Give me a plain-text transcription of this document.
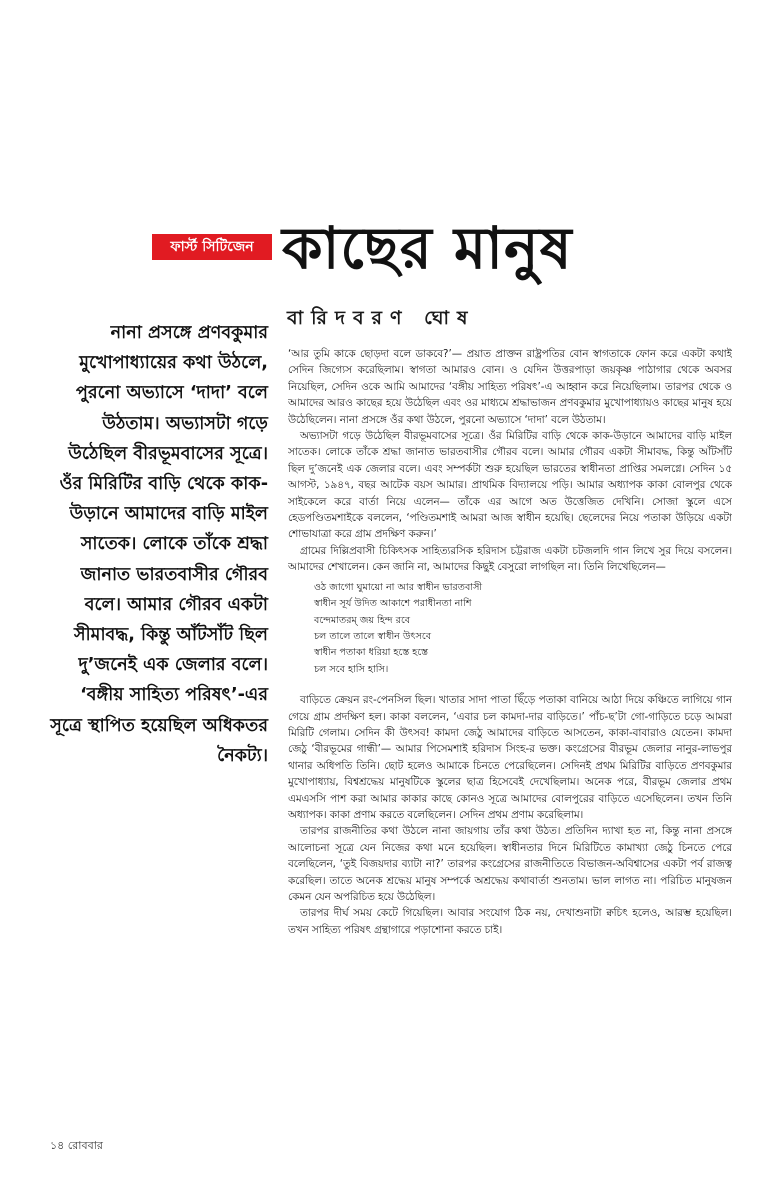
ফার্স্ট সিটিজেন কাছের মানুষ
বারিদবরণ ঘোষ

নানা প্রসঙ্গে প্রণবকুমার মুখোপাধ্যায়ের কথা উঠলে, পুরনো অভ্যাসে ‘দাদা’ বলে উঠতাম। অভ্যাসটা গড়ে উঠেছিল বীরভূমবাসের সূত্রে। ওঁর মিরিটির বাড়ি থেকে কাক-উড়ানে আমাদের বাড়ি মাইল সাতেক। লোকে তাঁকে শ্রদ্ধা জানাত ভারতবাসীর গৌরব বলে। আমার গৌরব একটা সীমাবদ্ধ, কিন্তু আঁটসাঁট ছিল দু’জনেই এক জেলার বলে। ‘বঙ্গীয় সাহিত্য পরিষৎ’-এর সূত্রে স্থাপিত হয়েছিল অধিকতর নৈকট্য।

‘আর তুমি কাকে ছোড়দা বলে ডাকবে?’— প্রয়াত প্রাক্তন রাষ্ট্রপতির বোন স্বাগতাকে ফোন করে একটা কথাই সেদিন জিগ্যেস করেছিলাম। স্বাগতা আমারও বোন। ও যেদিন উত্তরপাড়া জয়কৃষ্ণ পাঠাগার থেকে অবসর নিয়েছিল, সেদিন ওকে আমি আমাদের ‘বঙ্গীয় সাহিত্য পরিষৎ’-এ আহ্বান করে নিয়েছিলাম। তারপর থেকে ও আমাদের আরও কাছের হয়ে উঠেছিল এবং ওর মাধ্যমে শ্রদ্ধাভাজন প্রণবকুমার মুখোপাধ্যায়ও কাছের মানুষ হয়ে উঠেছিলেন। নানা প্রসঙ্গে ওঁর কথা উঠলে, পুরনো অভ্যাসে ‘দাদা’ বলে উঠতাম।

অভ্যাসটা গড়ে উঠেছিল বীরভূমবাসের সূত্রে। ওঁর মিরিটির বাড়ি থেকে কাক-উড়ানে আমাদের বাড়ি মাইল সাতেক। লোকে তাঁকে শ্রদ্ধা জানাত ভারতবাসীর গৌরব বলে। আমার গৌরব একটা সীমাবদ্ধ, কিন্তু আঁটসাঁট ছিল দু’জনেই এক জেলার বলে। এবং সম্পর্কটা শুরু হয়েছিল ভারতের স্বাধীনতা প্রাপ্তির সমলগ্নে। সেদিন ১৫ আগস্ট, ১৯৪৭, বছর আটেক বয়স আমার। প্রাথমিক বিদ্যালয়ে পড়ি। আমার অধ্যাপক কাকা বোলপুর থেকে সাইকেলে করে বার্তা নিয়ে এলেন— তাঁকে এর আগে অত উত্তেজিত দেখিনি। সোজা স্কুলে এসে হেডপণ্ডিতমশাইকে বললেন, ‘পণ্ডিতমশাই আমরা আজ স্বাধীন হয়েছি। ছেলেদের নিয়ে পতাকা উড়িয়ে একটা শোভাযাত্রা করে গ্রাম প্রদক্ষিণ করুন।’

গ্রামের দিল্লিপ্রবাসী চিকিৎসক সাহিত্যরসিক হরিদাস চট্টরাজ একটা চটজলদি গান লিখে সুর দিয়ে বসলেন। আমাদের শেখালেন। কেন জানি না, আমাদের কিছুই বেসুরো লাগছিল না। তিনি লিখেছিলেন—

ওঠ জাগো ঘুমায়ো না আর স্বাধীন ভারতবাসী
স্বাধীন সূর্য উদিত আকাশে পরাধীনতা নাশি
বন্দেমাতরম্ জয় হিন্দ রবে
চল তালে তালে স্বাধীন উৎসবে
স্বাধীন পতাকা ধরিয়া হস্তে হস্তে
চল সবে হাসি হাসি।

বাড়িতে ক্রেয়ন রং-পেনসিল ছিল। খাতার সাদা পাতা ছিঁড়ে পতাকা বানিয়ে আঠা দিয়ে কঞ্চিতে লাগিয়ে গান গেয়ে গ্রাম প্রদক্ষিণ হল। কাকা বললেন, ‘এবার চল কামদা-দার বাড়িতে।’ পাঁচ-ছ’টা গো-গাড়িতে চড়ে আমরা মিরিটি গেলাম। সেদিন কী উৎসব! কামদা জেঠু আমাদের বাড়িতে আসতেন, কাকা-বাবারাও যেতেন। কামদা জেঠু ‘বীরভূমের গান্ধী’— আমার পিসেমশাই হরিদাস সিংহ-র ভক্ত। কংগ্রেসের বীরভূম জেলার নানুর-লাভপুর থানার অধিপতি তিনি। ছোট হলেও আমাকে চিনতে পেরেছিলেন। সেদিনই প্রথম মিরিটির বাড়িতে প্রণবকুমার মুখোপাধ্যায়, বিশ্বশ্রদ্ধেয় মানুষটিকে স্কুলের ছাত্র হিসেবেই দেখেছিলাম। অনেক পরে, বীরভূম জেলার প্রথম এমএসসি পাশ করা আমার কাকার কাছে কোনও সূত্রে আমাদের বোলপুরের বাড়িতে এসেছিলেন। তখন তিনি অধ্যাপক। কাকা প্রণাম করতে বলেছিলেন। সেদিন প্রথম প্রণাম করেছিলাম।

তারপর রাজনীতির কথা উঠলে নানা জায়গায় তাঁর কথা উঠত। প্রতিদিন দ্যাখা হত না, কিন্তু নানা প্রসঙ্গে আলোচনা সূত্রে যেন নিজের কথা মনে হয়েছিল। স্বাধীনতার দিনে মিরিটিতে কামাখ্যা জেঠু চিনতে পেরে বলেছিলেন, ‘তুই বিজয়দার ব্যাটা না?’ তারপর কংগ্রেসের রাজনীতিতে বিভাজন-অবিশ্বাসের একটা পর্ব রাজত্ব করেছিল। তাতে অনেক শ্রদ্ধেয় মানুষ সম্পর্কে অশ্রদ্ধেয় কথাবার্তা শুনতাম। ভাল লাগত না। পরিচিত মানুষজন কেমন যেন অপরিচিত হয়ে উঠেছিল।

তারপর দীর্ঘ সময় কেটে গিয়েছিল। আবার সংযোগ ঠিক নয়, দেখাশুনাটা ক্বচিৎ হলেও, আরম্ভ হয়েছিল। তখন সাহিত্য পরিষৎ গ্রন্থাগারে পড়াশোনা করতে চাই।

১৪ রোববার
